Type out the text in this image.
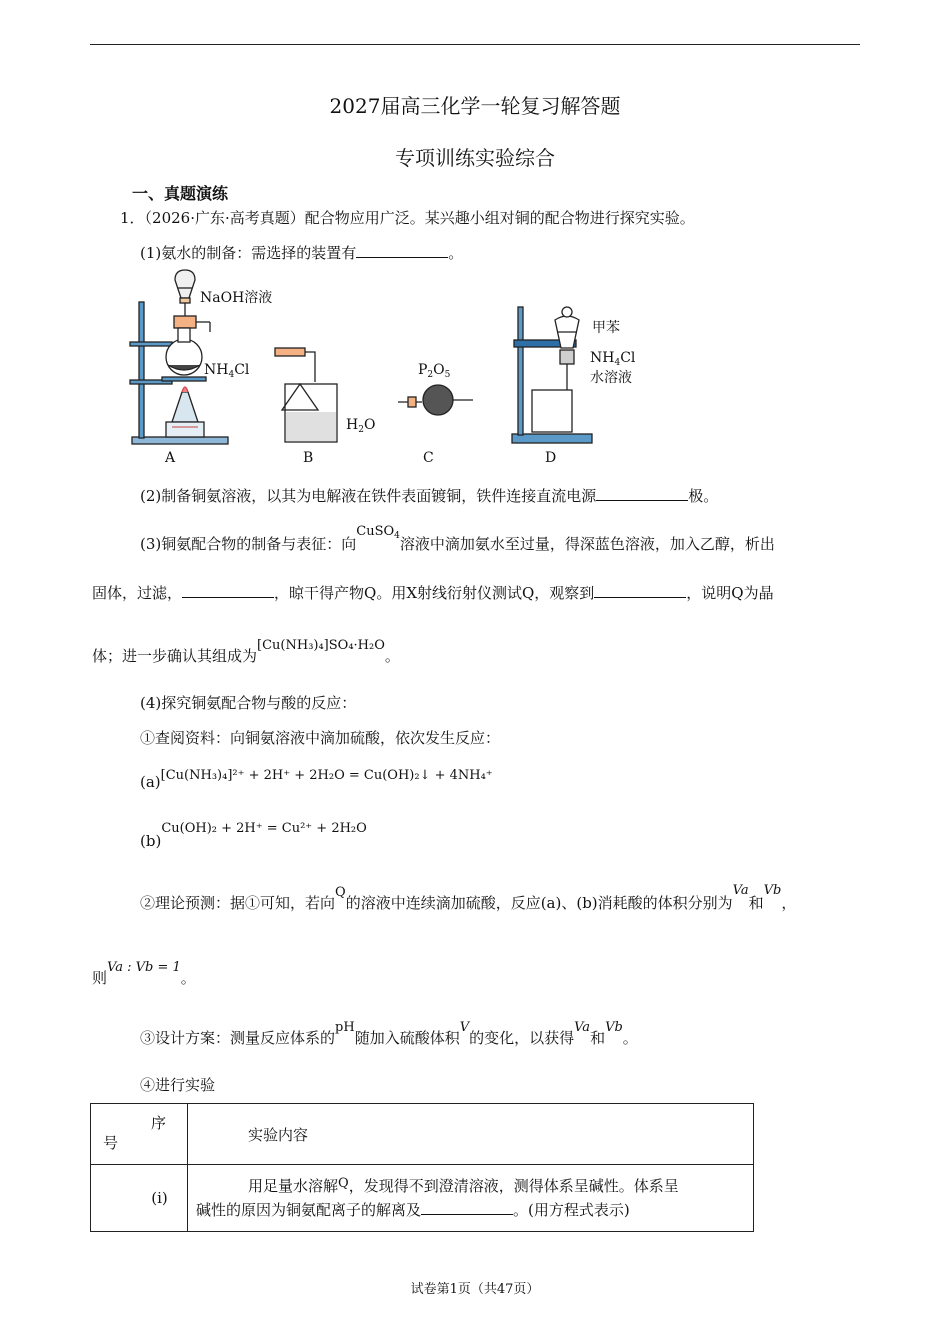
2027届高三化学一轮复习解答题
专项训练实验综合
一、真题演练
1．（2026·广东·高考真题）配合物应用广泛。某兴趣小组对铜的配合物进行探究实验。
(1)氨水的制备：需选择的装置有	。
NaOH溶液
$NH_4Cl$
A
$H_2O$
B
$P_2O_5$
C
甲苯
$NH_4Cl$
水溶液
D
(2)制备铜氨溶液，以其为电解液在铁件表面镀铜，铁件连接直流电源	极。
(3)铜氨配合物的制备与表征：向CuSO$_4$溶液中滴加氨水至过量，得深蓝色溶液，加入乙醇，析出
固体，过滤，	，晾干得产物Q。用X射线衍射仪测试Q，观察到	，说明Q为晶
体；进一步确认其组成为[Cu(NH₃)₄]SO₄·H₂O。
(4)探究铜氨配合物与酸的反应：
①查阅资料：向铜氨溶液中滴加硫酸，依次发生反应：
(a)[Cu(NH₃)₄]²⁺ + 2H⁺ + 2H₂O = Cu(OH)₂↓ + 4NH₄⁺
(b)Cu(OH)₂ + 2H⁺ = Cu²⁺ + 2H₂O
②理论预测：据①可知，若向Q的溶液中连续滴加硫酸，反应(a)、(b)消耗酸的体积分别为Va和Vb，
则Va : Vb = 1。
③设计方案：测量反应体系的pH随加入硫酸体积V的变化，以获得Va和Vb。
④进行实验
序
号	实验内容
(i)	用足量水溶解Q，发现得不到澄清溶液，测得体系呈碱性。体系呈
碱性的原因为铜氨配离子的解离及 。(用方程式表示)
试卷第1页（共47页）
